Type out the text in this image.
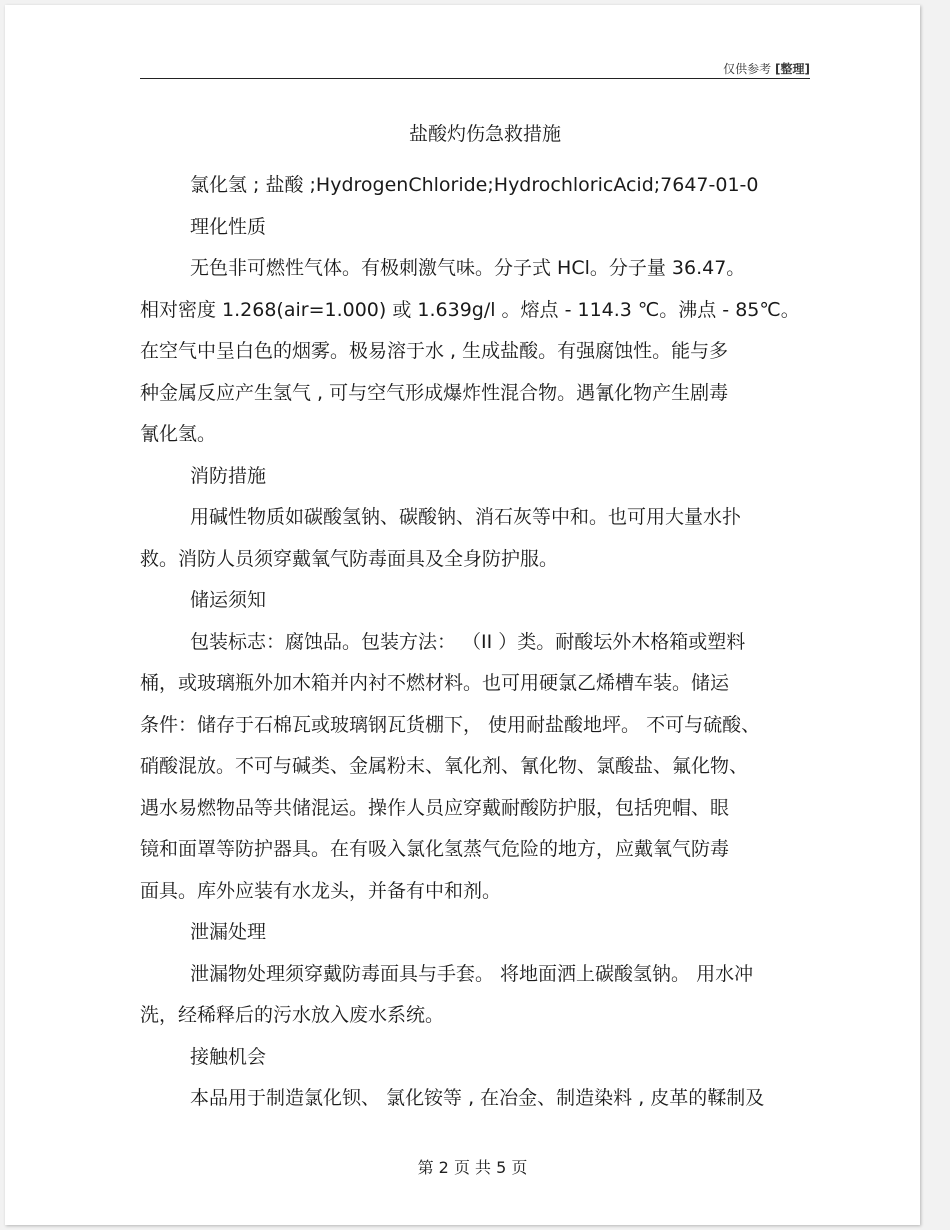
仅供参考 [整理]
盐酸灼伤急救措施
氯化氢 ; 盐酸 ;HydrogenChloride;HydrochloricAcid;7647-01-0
理化性质
无色非可燃性气体。有极刺激气味。分子式 HCl。分子量 36.47。
相对密度 1.268(air=1.000) 或 1.639g/l 。熔点 - 114.3 ℃。沸点 - 85℃。
在空气中呈白色的烟雾。极易溶于水 , 生成盐酸。有强腐蚀性。能与多
种金属反应产生氢气 , 可与空气形成爆炸性混合物。遇氰化物产生剧毒
氰化氢。
消防措施
用碱性物质如碳酸氢钠、碳酸钠、消石灰等中和。也可用大量水扑
救。消防人员须穿戴氧气防毒面具及全身防护服。
储运须知
包装标志：腐蚀品。包装方法： （II ）类。耐酸坛外木格箱或塑料
桶，或玻璃瓶外加木箱并内衬不燃材料。也可用硬氯乙烯槽车装。储运
条件：储存于石棉瓦或玻璃钢瓦货棚下， 使用耐盐酸地坪。 不可与硫酸、
硝酸混放。不可与碱类、金属粉末、氧化剂、氰化物、氯酸盐、氟化物、
遇水易燃物品等共储混运。操作人员应穿戴耐酸防护服，包括兜帽、眼
镜和面罩等防护器具。在有吸入氯化氢蒸气危险的地方，应戴氧气防毒
面具。库外应装有水龙头，并备有中和剂。
泄漏处理
泄漏物处理须穿戴防毒面具与手套。 将地面洒上碳酸氢钠。 用水冲
洗，经稀释后的污水放入废水系统。
接触机会
本品用于制造氯化钡、 氯化铵等 , 在冶金、制造染料 , 皮革的鞣制及
第 2 页 共 5 页
